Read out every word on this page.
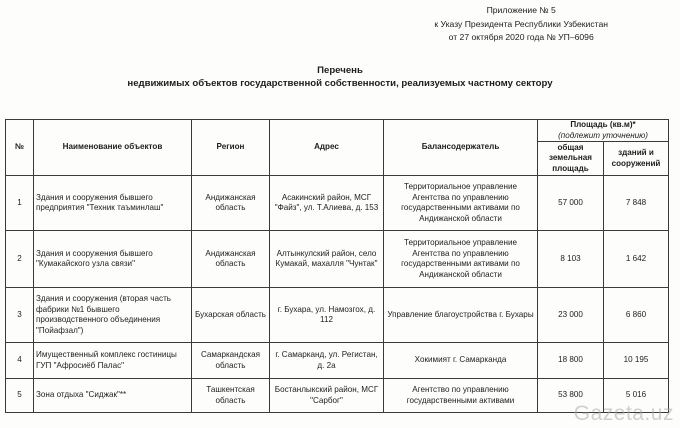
Приложение № 5
к Указу Президента Республики Узбекистан
от 27 октября 2020 года № УП–6096
Перечень
недвижимых объектов государственной собственности, реализуемых частному сектору
№	Наименование объектов	Регион	Адрес	Балансодержатель	Площадь (кв.м)*
(подлежит уточнению)	
					общая земельная площадь	зданий и сооружений
1	Здания и сооружения бывшего предприятия "Техник таъминлаш"	Андижанская область	Асакинский район, МСГ "Файз", ул. Т.Алиева, д. 153	Территориальное управление Агентства по управлению государственными активами по Андижанской области	57 000	7 848
2	Здания и сооружения бывшего "Кумакайского узла связи"	Андижанская область	Алтынкулский район, село Кумакай, махалля "Чунтак"	Территориальное управление Агентства по управлению государственными активами по Андижанской области	8 103	1 642
3	Здания и сооружения (вторая часть фабрики №1 бывшего производственного объединения "Пойафзал")	Бухарская область	г. Бухара, ул. Намозгох, д. 112	Управление благоустройства г. Бухары	23 000	6 860
4	Имущественный комплекс гостиницы ГУП "Афросиёб Палас"	Самаркандская область	г. Самарканд, ул. Регистан, д. 2а	Хокимият г. Самарканда	18 800	10 195
5	Зона отдыха "Сиджак"**	Ташкентская область	Бостанлыкский район, МСГ "Сарбог"	Агентство по управлению государственными активами	53 800	5 016
Gazeta.uz
